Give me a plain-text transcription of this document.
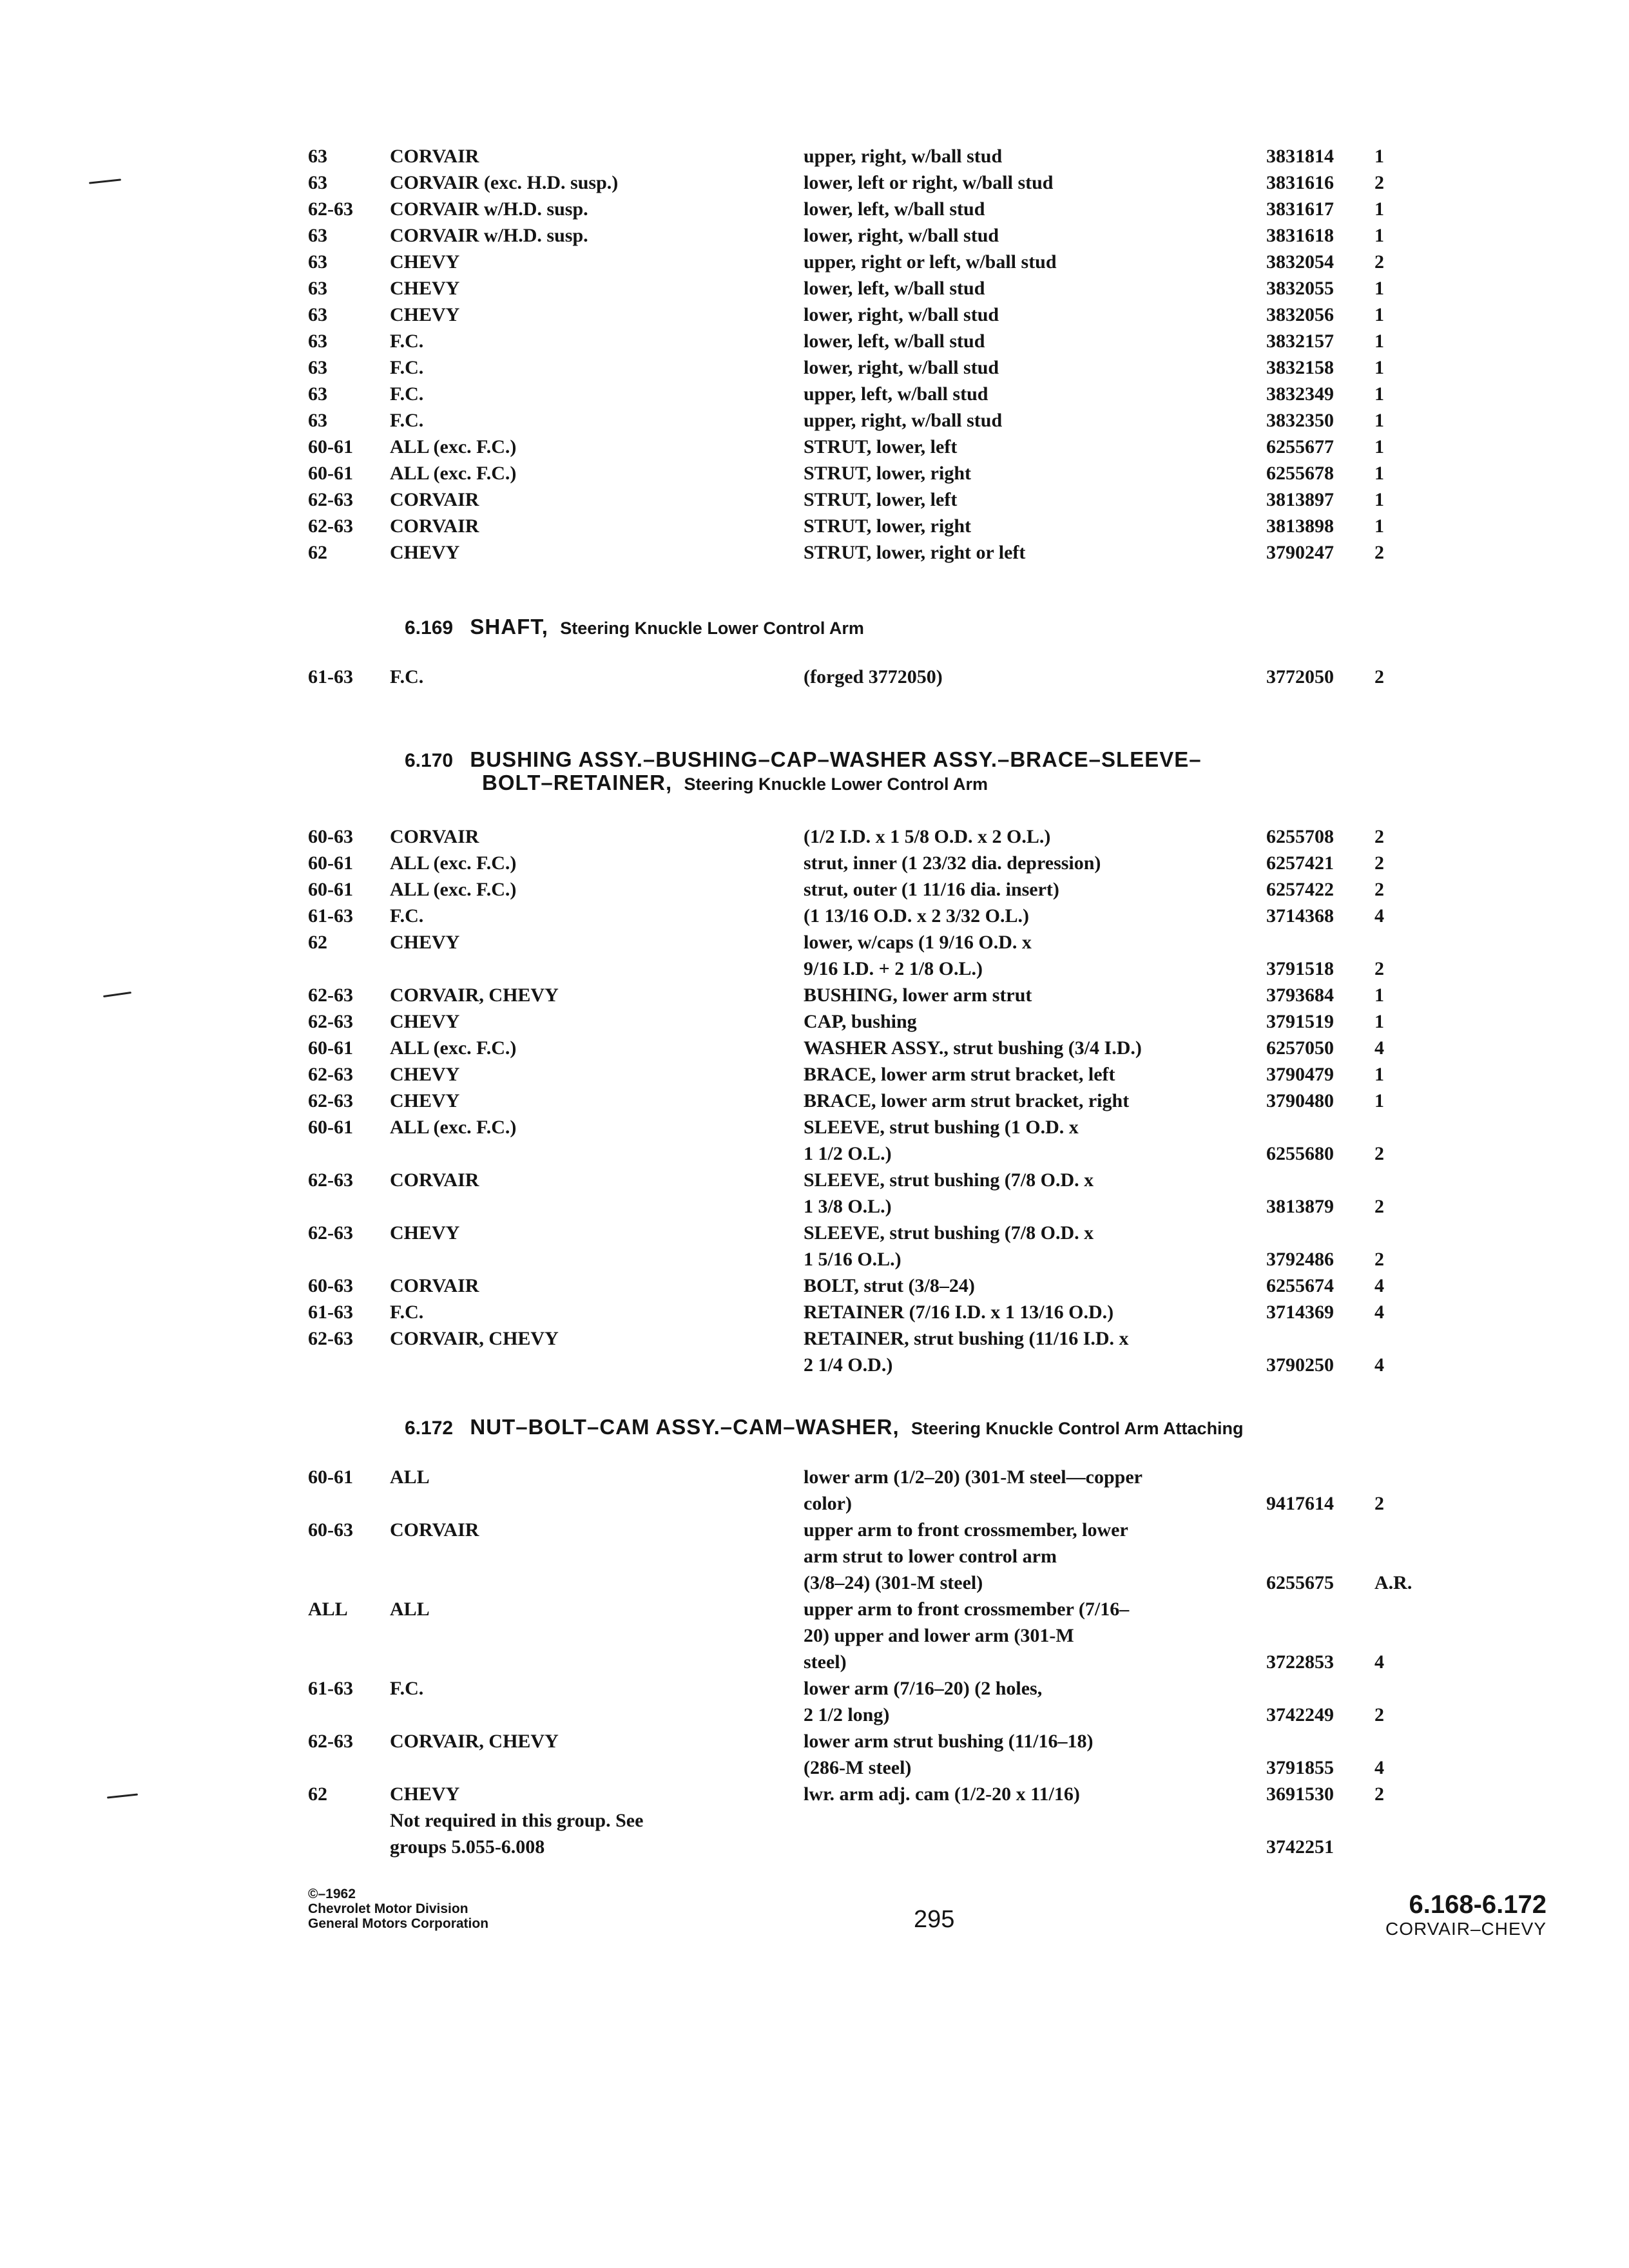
63	CORVAIR	upper, right, w/ball stud	3831814 1
63	CORVAIR (exc. H.D. susp.)	lower, left or right, w/ball stud	3831616 2
62-63 CORVAIR w/H.D. susp.	lower, left, w/ball stud	3831617 1
63	CORVAIR w/H.D. susp.	lower, right, w/ball stud	3831618 1
63	CHEVY	upper, right or left, w/ball stud	3832054 2
63	CHEVY	lower, left, w/ball stud	3832055 1
63	CHEVY	lower, right, w/ball stud	3832056 1
63	F.C.	lower, left, w/ball stud	3832157 1
63	F.C.	lower, right, w/ball stud	3832158 1
63	F.C.	upper, left, w/ball stud	3832349 1
63	F.C.	upper, right, w/ball stud	3832350 1
60-61 ALL (exc. F.C.)	STRUT, lower, left	6255677 1
60-61 ALL (exc. F.C.)	STRUT, lower, right	6255678 1
62-63 CORVAIR	STRUT, lower, left	3813897 1
62-63 CORVAIR	STRUT, lower, right	3813898 1
62	CHEVY	STRUT, lower, right or left	3790247 2
6.169 SHAFT, Steering Knuckle Lower Control Arm
61-63 F.C.	(forged 3772050)	3772050 2
6.170 BUSHING ASSY.–BUSHING–CAP–WASHER ASSY.–BRACE–SLEEVE–
BOLT–RETAINER, Steering Knuckle Lower Control Arm
60-63 CORVAIR	(1/2 I.D. x 1 5/8 O.D. x 2 O.L.)	6255708 2
60-61 ALL (exc. F.C.)	strut, inner (1 23/32 dia. depression)	6257421 2
60-61 ALL (exc. F.C.)	strut, outer (1 11/16 dia. insert)	6257422 2
61-63 F.C.	(1 13/16 O.D. x 2 3/32 O.L.)	3714368 4
62	CHEVY	lower, w/caps (1 9/16 O.D. x
9/16 I.D. + 2 1/8 O.L.)	3791518 2
62-63 CORVAIR, CHEVY	BUSHING, lower arm strut	3793684 1
62-63 CHEVY	CAP, bushing	3791519 1
60-61 ALL (exc. F.C.)	WASHER ASSY., strut bushing (3/4 I.D.)	6257050 4
62-63 CHEVY	BRACE, lower arm strut bracket, left	3790479 1
62-63 CHEVY	BRACE, lower arm strut bracket, right	3790480 1
60-61 ALL (exc. F.C.)	SLEEVE, strut bushing (1 O.D. x
1 1/2 O.L.)	6255680 2
62-63 CORVAIR	SLEEVE, strut bushing (7/8 O.D. x
1 3/8 O.L.)	3813879 2
62-63 CHEVY	SLEEVE, strut bushing (7/8 O.D. x
1 5/16 O.L.)	3792486 2
60-63 CORVAIR	BOLT, strut (3/8–24)	6255674 4
61-63 F.C.	RETAINER (7/16 I.D. x 1 13/16 O.D.)	3714369 4
62-63 CORVAIR, CHEVY	RETAINER, strut bushing (11/16 I.D. x
2 1/4 O.D.)	3790250 4
6.172 NUT–BOLT–CAM ASSY.–CAM–WASHER, Steering Knuckle Control Arm Attaching
60-61 ALL	lower arm (1/2–20) (301-M steel—copper
color)	9417614 2
60-63 CORVAIR	upper arm to front crossmember, lower
arm strut to lower control arm
(3/8–24) (301-M steel)	6255675 A.R.
ALL ALL	upper arm to front crossmember (7/16–
20) upper and lower arm (301-M
steel)	3722853 4
61-63 F.C.	lower arm (7/16–20) (2 holes,
2 1/2 long)	3742249 2
62-63 CORVAIR, CHEVY	lower arm strut bushing (11/16–18)
(286-M steel)	3791855 4
62	CHEVY	lwr. arm adj. cam (1/2-20 x 11/16)	3691530 2
Not required in this group. See
groups 5.055-6.008	3742251
©–1962
Chevrolet Motor Division
General Motors Corporation	295
6.168-6.172
CORVAIR–CHEVY
